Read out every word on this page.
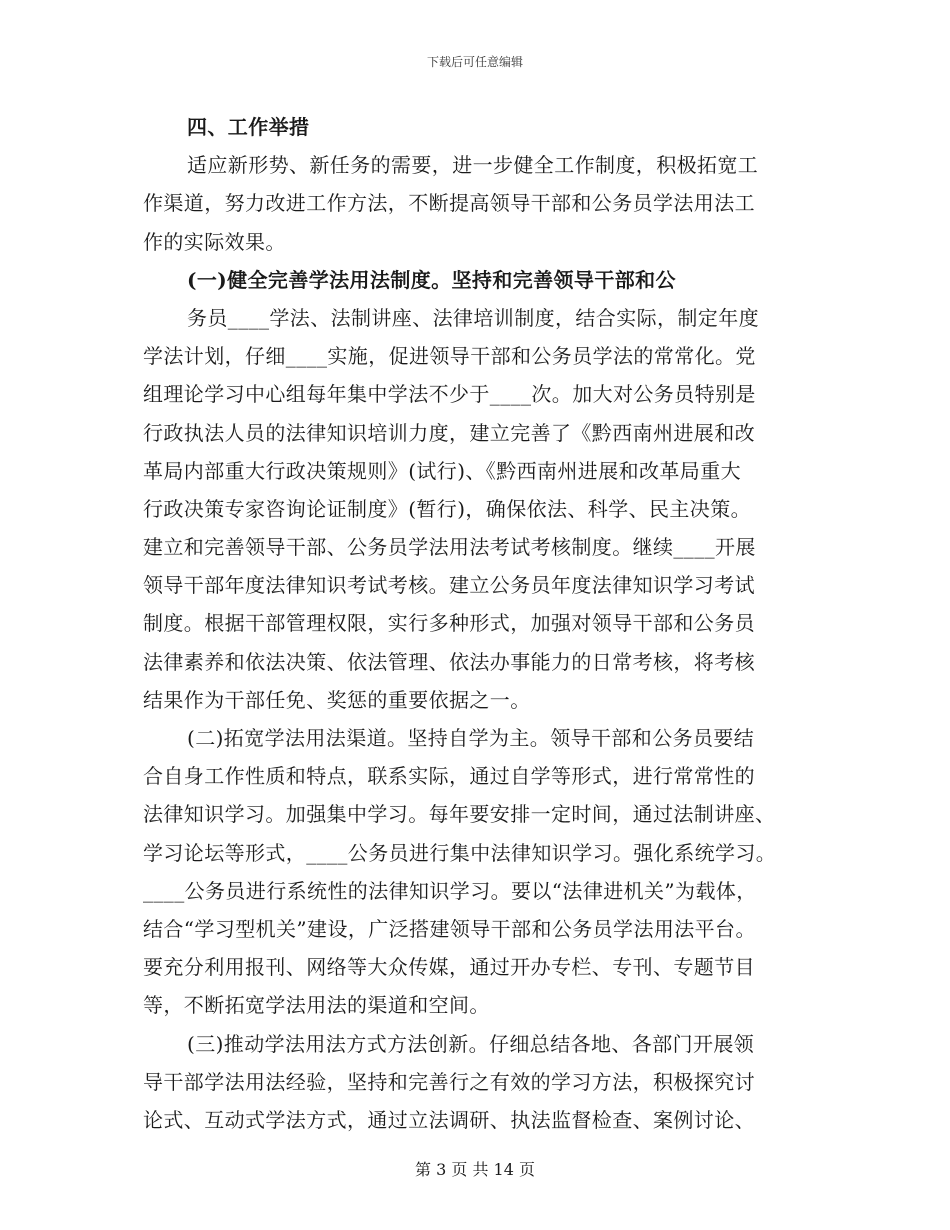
下载后可任意编辑
四、工作举措
适应新形势、新任务的需要，进一步健全工作制度，积极拓宽工
作渠道，努力改进工作方法，不断提高领导干部和公务员学法用法工
作的实际效果。
(一)健全完善学法用法制度。坚持和完善领导干部和公
务员____学法、法制讲座、法律培训制度，结合实际，制定年度
学法计划，仔细____实施，促进领导干部和公务员学法的常常化。党
组理论学习中心组每年集中学法不少于____次。加大对公务员特别是
行政执法人员的法律知识培训力度，建立完善了《黔西南州进展和改
革局内部重大行政决策规则》(试行)、《黔西南州进展和改革局重大
行政决策专家咨询论证制度》(暂行)，确保依法、科学、民主决策。
建立和完善领导干部、公务员学法用法考试考核制度。继续____开展
领导干部年度法律知识考试考核。建立公务员年度法律知识学习考试
制度。根据干部管理权限，实行多种形式，加强对领导干部和公务员
法律素养和依法决策、依法管理、依法办事能力的日常考核，将考核
结果作为干部任免、奖惩的重要依据之一。
(二)拓宽学法用法渠道。坚持自学为主。领导干部和公务员要结
合自身工作性质和特点，联系实际，通过自学等形式，进行常常性的
法律知识学习。加强集中学习。每年要安排一定时间，通过法制讲座、
学习论坛等形式，____公务员进行集中法律知识学习。强化系统学习。
____公务员进行系统性的法律知识学习。要以“法律进机关”为载体，
结合“学习型机关”建设，广泛搭建领导干部和公务员学法用法平台。
要充分利用报刊、网络等大众传媒，通过开办专栏、专刊、专题节目
等，不断拓宽学法用法的渠道和空间。
(三)推动学法用法方式方法创新。仔细总结各地、各部门开展领
导干部学法用法经验，坚持和完善行之有效的学习方法，积极探究讨
论式、互动式学法方式，通过立法调研、执法监督检查、案例讨论、
第 3 页 共 14 页
